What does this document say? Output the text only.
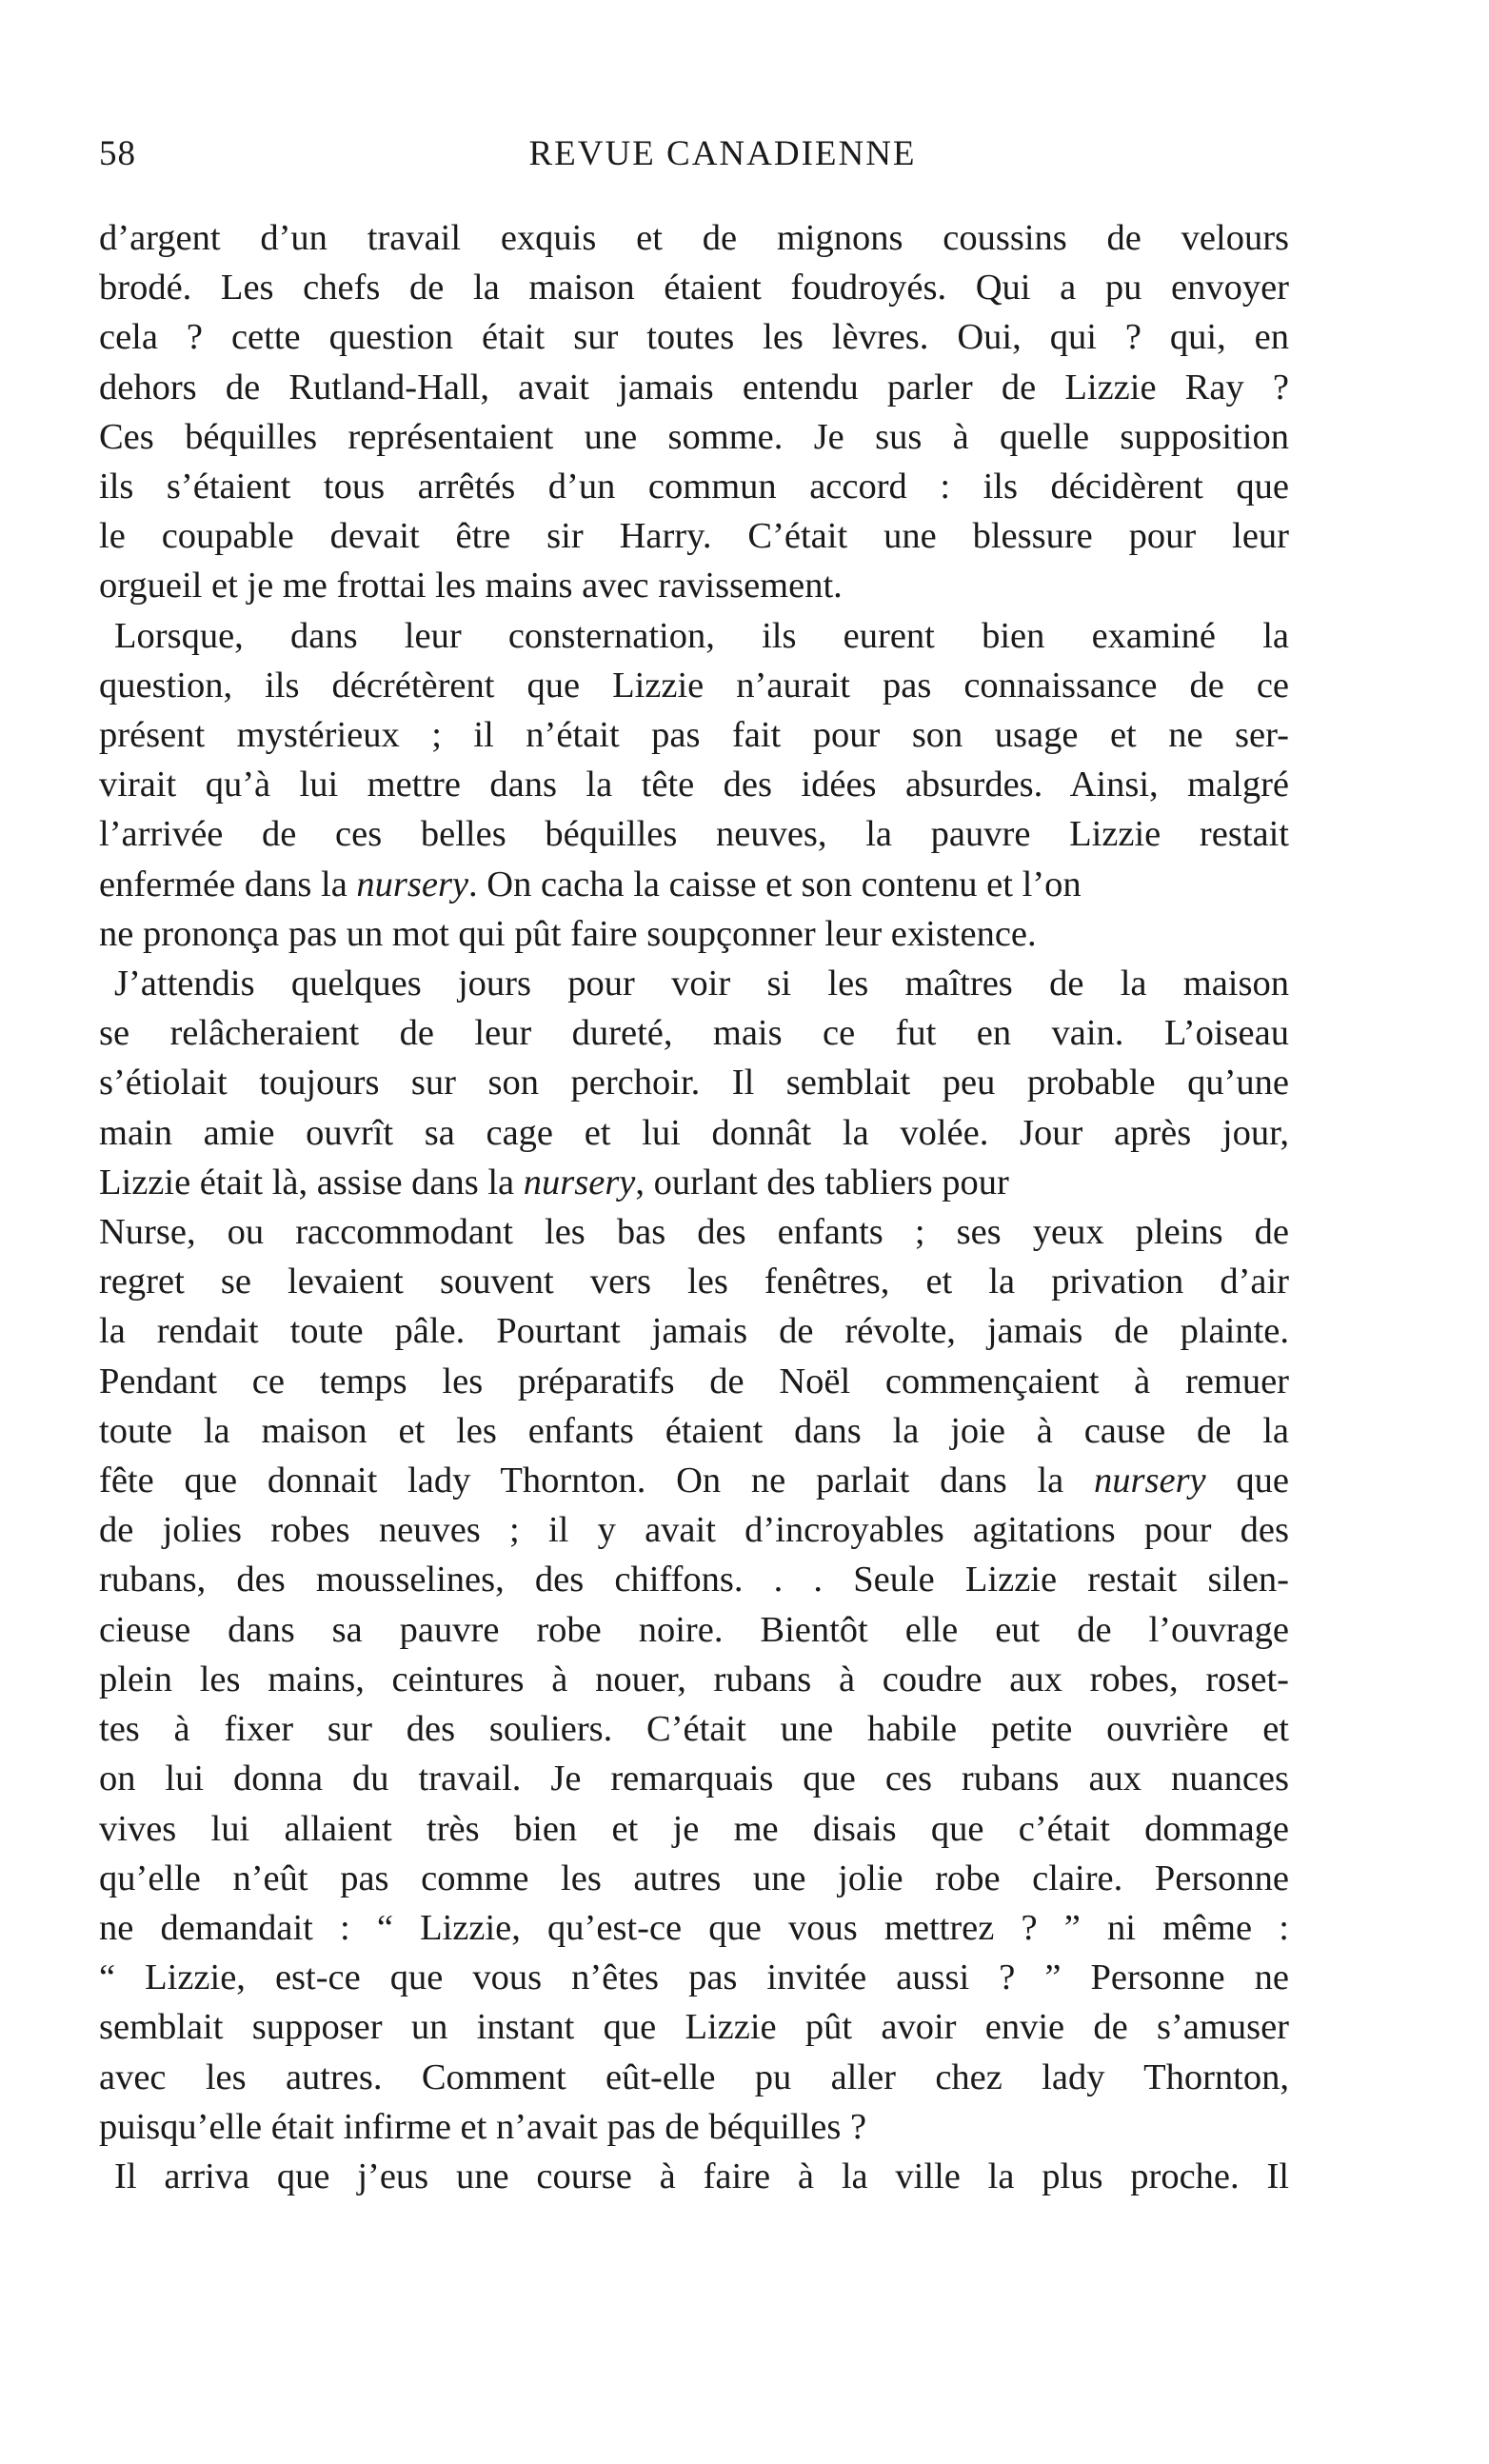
58	REVUE CANADIENNE
d’argent d’un travail exquis et de mignons coussins de velours
brodé. Les chefs de la maison étaient foudroyés. Qui a pu envoyer
cela ? cette question était sur toutes les lèvres. Oui, qui ? qui, en
dehors de Rutland-Hall, avait jamais entendu parler de Lizzie Ray ?
Ces béquilles représentaient une somme. Je sus à quelle supposition
ils s’étaient tous arrêtés d’un commun accord : ils décidèrent que
le coupable devait être sir Harry. C’était une blessure pour leur
orgueil et je me frottai les mains avec ravissement.
Lorsque, dans leur consternation, ils eurent bien examiné la
question, ils décrétèrent que Lizzie n’aurait pas connaissance de ce
présent mystérieux ; il n’était pas fait pour son usage et ne ser-
virait qu’à lui mettre dans la tête des idées absurdes. Ainsi, malgré
l’arrivée de ces belles béquilles neuves, la pauvre Lizzie restait
enfermée dans la nursery. On cacha la caisse et son contenu et l’on
ne prononça pas un mot qui pût faire soupçonner leur existence.
J’attendis quelques jours pour voir si les maîtres de la maison
se relâcheraient de leur dureté, mais ce fut en vain. L’oiseau
s’étiolait toujours sur son perchoir. Il semblait peu probable qu’une
main amie ouvrît sa cage et lui donnât la volée. Jour après jour,
Lizzie était là, assise dans la nursery, ourlant des tabliers pour
Nurse, ou raccommodant les bas des enfants ; ses yeux pleins de
regret se levaient souvent vers les fenêtres, et la privation d’air
la rendait toute pâle. Pourtant jamais de révolte, jamais de plainte.
Pendant ce temps les préparatifs de Noël commençaient à remuer
toute la maison et les enfants étaient dans la joie à cause de la
fête que donnait lady Thornton. On ne parlait dans la nursery que
de jolies robes neuves ; il y avait d’incroyables agitations pour des
rubans, des mousselines, des chiffons. . . Seule Lizzie restait silen-
cieuse dans sa pauvre robe noire. Bientôt elle eut de l’ouvrage
plein les mains, ceintures à nouer, rubans à coudre aux robes, roset-
tes à fixer sur des souliers. C’était une habile petite ouvrière et
on lui donna du travail. Je remarquais que ces rubans aux nuances
vives lui allaient très bien et je me disais que c’était dommage
qu’elle n’eût pas comme les autres une jolie robe claire. Personne
ne demandait : “ Lizzie, qu’est-ce que vous mettrez ? ” ni même :
“ Lizzie, est-ce que vous n’êtes pas invitée aussi ? ” Personne ne
semblait supposer un instant que Lizzie pût avoir envie de s’amuser
avec les autres. Comment eût-elle pu aller chez lady Thornton,
puisqu’elle était infirme et n’avait pas de béquilles ?
Il arriva que j’eus une course à faire à la ville la plus proche. Il
